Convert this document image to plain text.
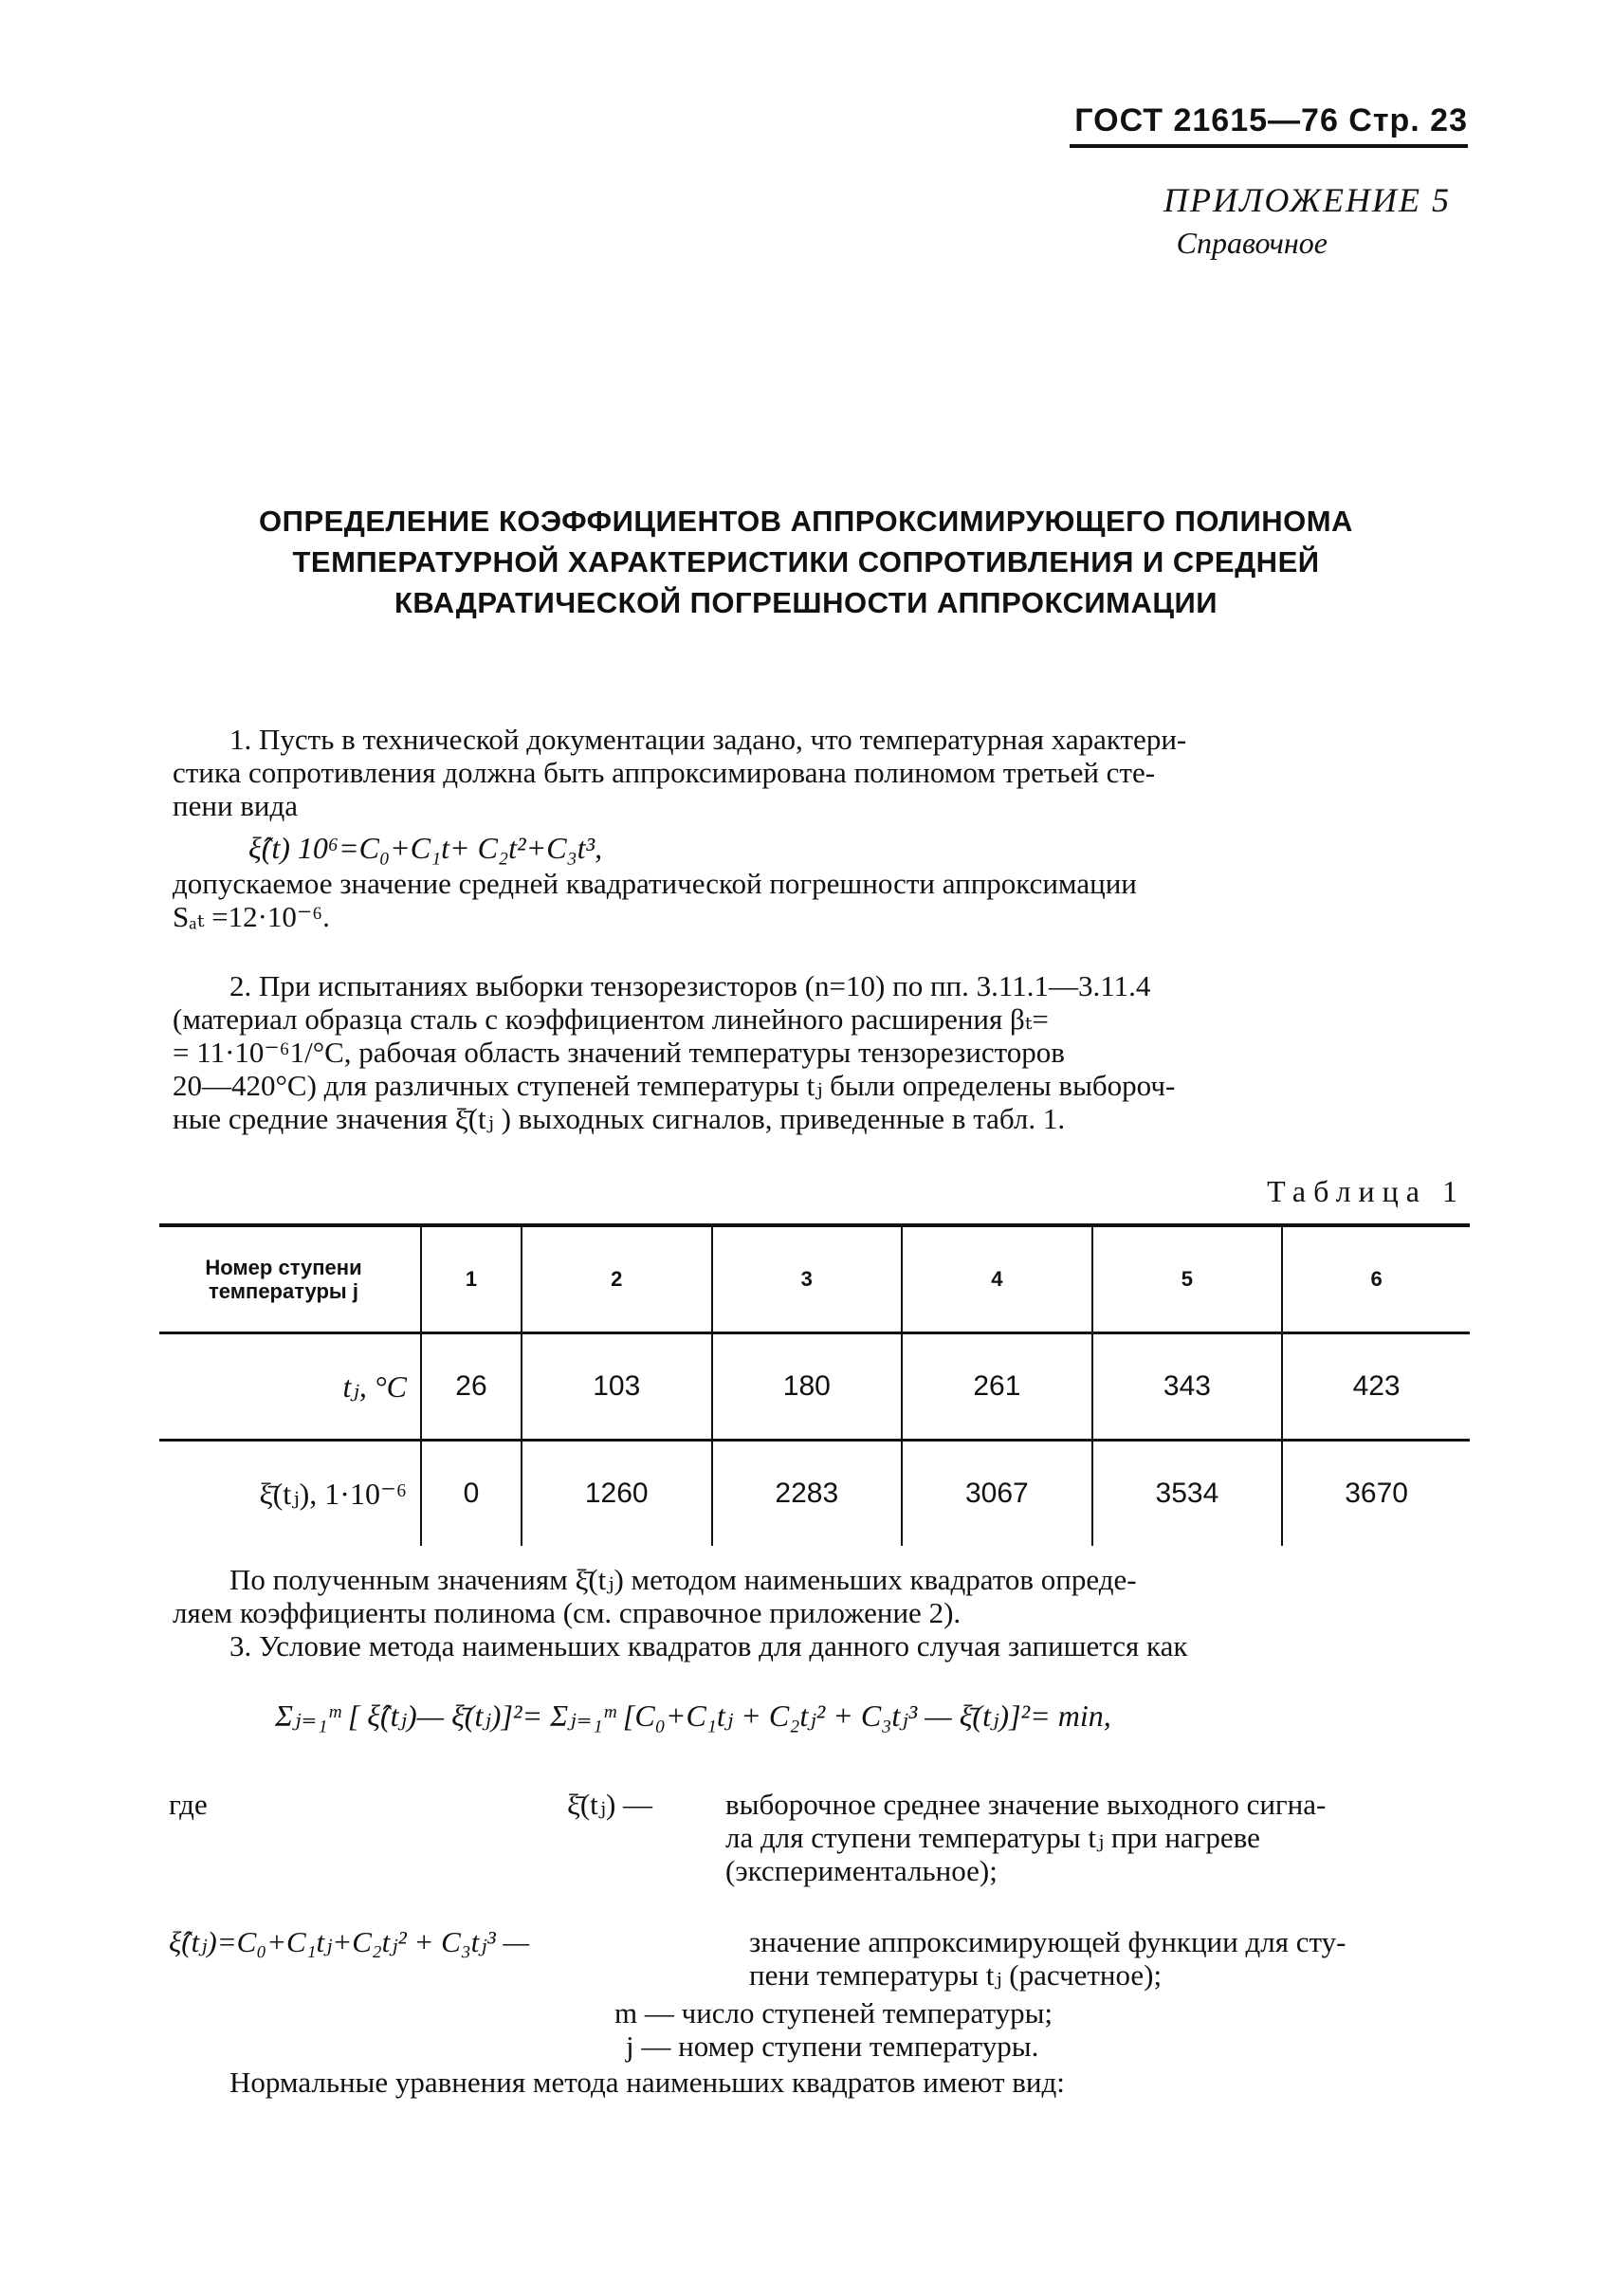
ГОСТ 21615—76 Стр. 23
ПРИЛОЖЕНИЕ 5
Справочное
ОПРЕДЕЛЕНИЕ КОЭФФИЦИЕНТОВ АППРОКСИМИРУЮЩЕГО ПОЛИНОМА
ТЕМПЕРАТУРНОЙ ХАРАКТЕРИСТИКИ СОПРОТИВЛЕНИЯ И СРЕДНЕЙ
КВАДРАТИЧЕСКОЙ ПОГРЕШНОСТИ АППРОКСИМАЦИИ
1. Пусть в технической документации задано, что температурная характери-
стика сопротивления должна быть аппроксимирована полиномом третьей сте-
пени вида
ξ̂(t) 10⁶=C₀+C₁t+ C₂t²+C₃t³,
допускаемое значение средней квадратической погрешности аппроксимации
Sₐₜ =12·10⁻⁶.
2. При испытаниях выборки тензорезисторов (n=10) по пп. 3.11.1—3.11.4
(материал образца сталь с коэффициентом линейного расширения βₜ=
= 11·10⁻⁶1/°С, рабочая область значений температуры тензорезисторов
20—420°С) для различных ступеней температуры tⱼ были определены выбороч-
ные средние значения ξ̄(tⱼ ) выходных сигналов, приведенные в табл. 1.
Таблица 1
Номер ступени
температуры j	1	2	3	4	5	6
tⱼ, °С	26	103	180	261	343	423
ξ̄(tⱼ), 1·10⁻⁶	0	1260	2283	3067	3534	3670
По полученным значениям ξ̄(tⱼ) методом наименьших квадратов опреде-
ляем коэффициенты полинома (см. справочное приложение 2).
3. Условие метода наименьших квадратов для данного случая запишется как
Σⱼ₌₁ᵐ [ ξ̂(tⱼ)— ξ̄(tⱼ)]²= Σⱼ₌₁ᵐ [C₀+C₁tⱼ + C₂tⱼ² + C₃tⱼ³ — ξ̄(tⱼ)]²= min,
где	ξ̄(tⱼ) — выборочное среднее значение выходного сигна-
ла для ступени температуры tⱼ при нагреве
(экспериментальное);
ξ̂(tⱼ)=C₀+C₁tⱼ+C₂tⱼ² + C₃tⱼ³ —	значение аппроксимирующей функции для сту-
пени температуры tⱼ (расчетное);
m — число ступеней температуры;
j — номер ступени температуры.
Нормальные уравнения метода наименьших квадратов имеют вид:
